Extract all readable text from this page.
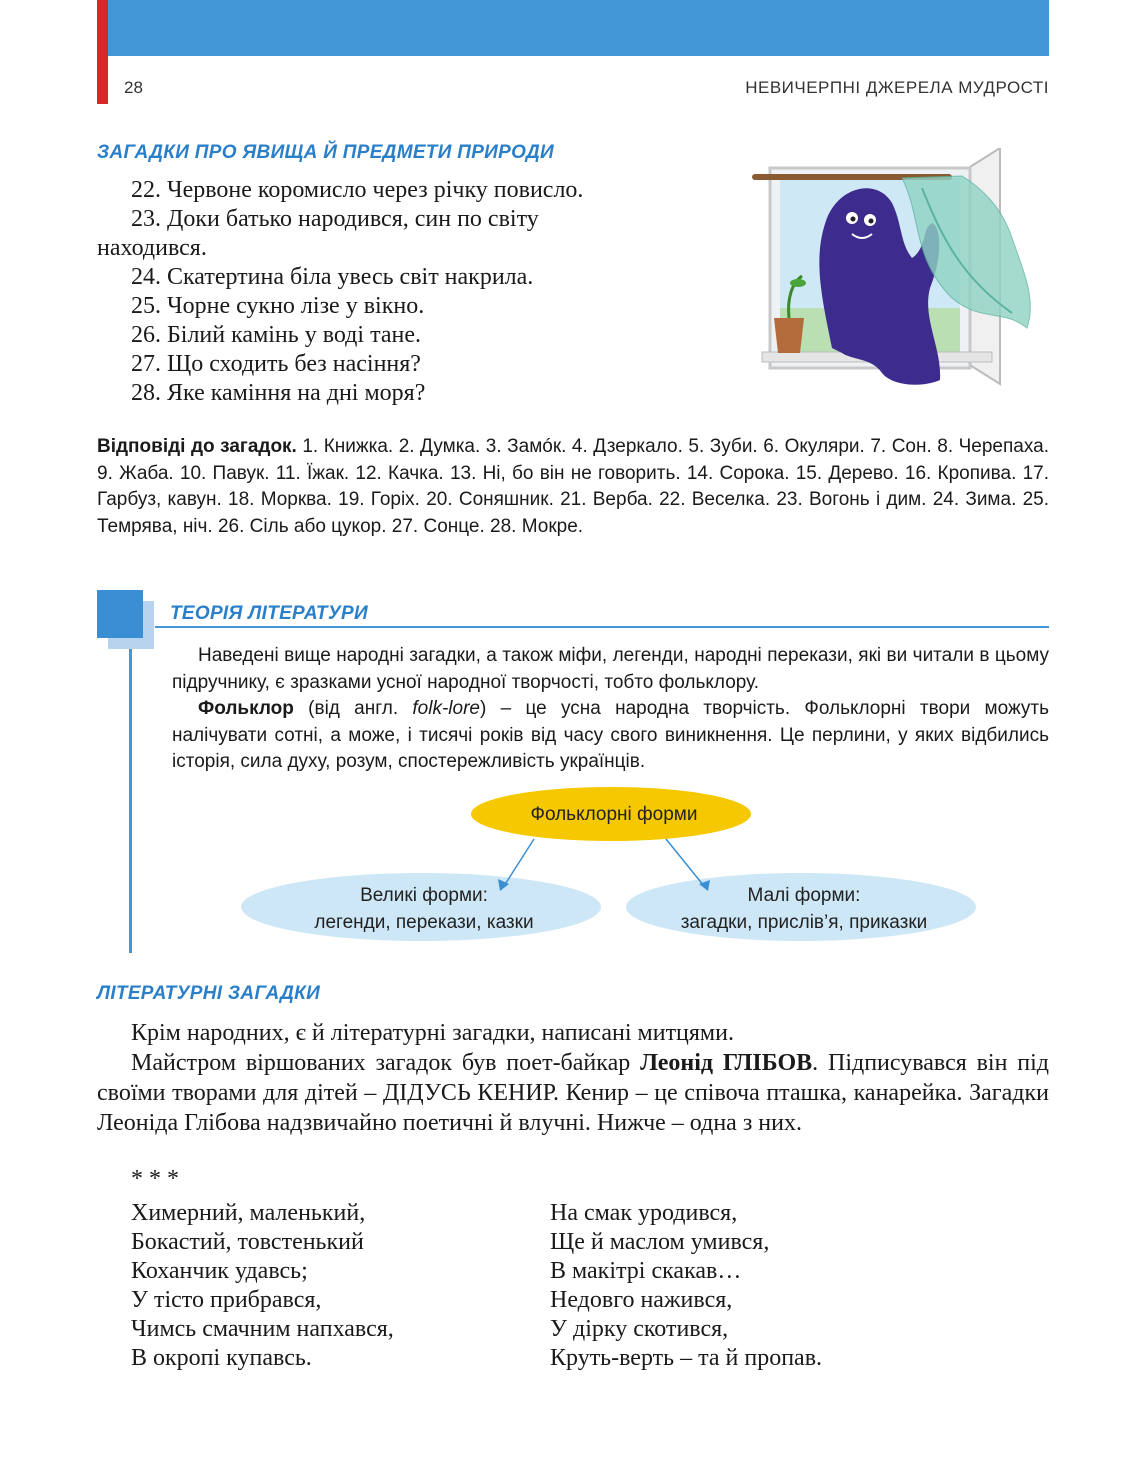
28	НЕВИЧЕРПНІ ДЖЕРЕЛА МУДРОСТІ
ЗАГАДКИ ПРО ЯВИЩА Й ПРЕДМЕТИ ПРИРОДИ

22. Червоне коромисло через річку повисло.

23. Доки батько народився, син по світу

находився.

24. Скатертина біла увесь світ накрила.

25. Чорне сукно лізе у вікно.

26. Білий камінь у воді тане.

27. Що сходить без насіння?

28. Яке каміння на дні моря?

Відповіді до загадок. 1. Книжка. 2. Думка. 3. Замóк. 4. Дзеркало. 5. Зуби. 6. Окуляри. 7. Сон. 8. Черепаха. 9. Жаба. 10. Павук. 11. Їжак. 12. Качка. 13. Ні, бо він не говорить. 14. Сорока. 15. Дерево. 16. Кропива. 17. Гарбуз, кавун. 18. Морква. 19. Горіх. 20. Соняшник. 21. Верба. 22. Веселка. 23. Вогонь і дим. 24. Зима. 25. Темрява, ніч. 26. Сіль або цукор. 27. Сонце. 28. Мокре.
ТЕОРІЯ ЛІТЕРАТУРИ

Наведені вище народні загадки, а також міфи, легенди, народні перекази, які ви читали в цьому підручнику, є зразками усної народної творчості, тобто фольклору.

Фольклор (від англ. folk-lore) – це усна народна творчість. Фольклорні твори можуть налічувати сотні, а може, і тисячі років від часу свого виникнення. Це перлини, у яких відбились історія, сила духу, розум, спостережливість українців.

Фольклорні форми
Великі форми:
легенди, перекази, казки
Малі форми:
загадки, прислів’я, приказки
ЛІТЕРАТУРНІ ЗАГАДКИ

Крім народних, є й літературні загадки, написані митцями.

Майстром віршованих загадок був поет-байкар Леонід ГЛІБОВ. Підписувався він під своїми творами для дітей – ДІДУСЬ КЕНИР. Кенир – це співоча пташка, канарейка. Загадки Леоніда Глібова надзвичайно поетичні й влучні. Нижче – одна з них.

* * *
Химерний, маленький,
Бокастий, товстенький
Коханчик удавсь;
У тісто прибрався,
Чимсь смачним напхався,
В окропі купавсь.
На смак уродився,
Ще й маслом умився,
В макітрі скакав…
Недовго нажився,
У дірку скотився,
Круть-верть – та й пропав.
